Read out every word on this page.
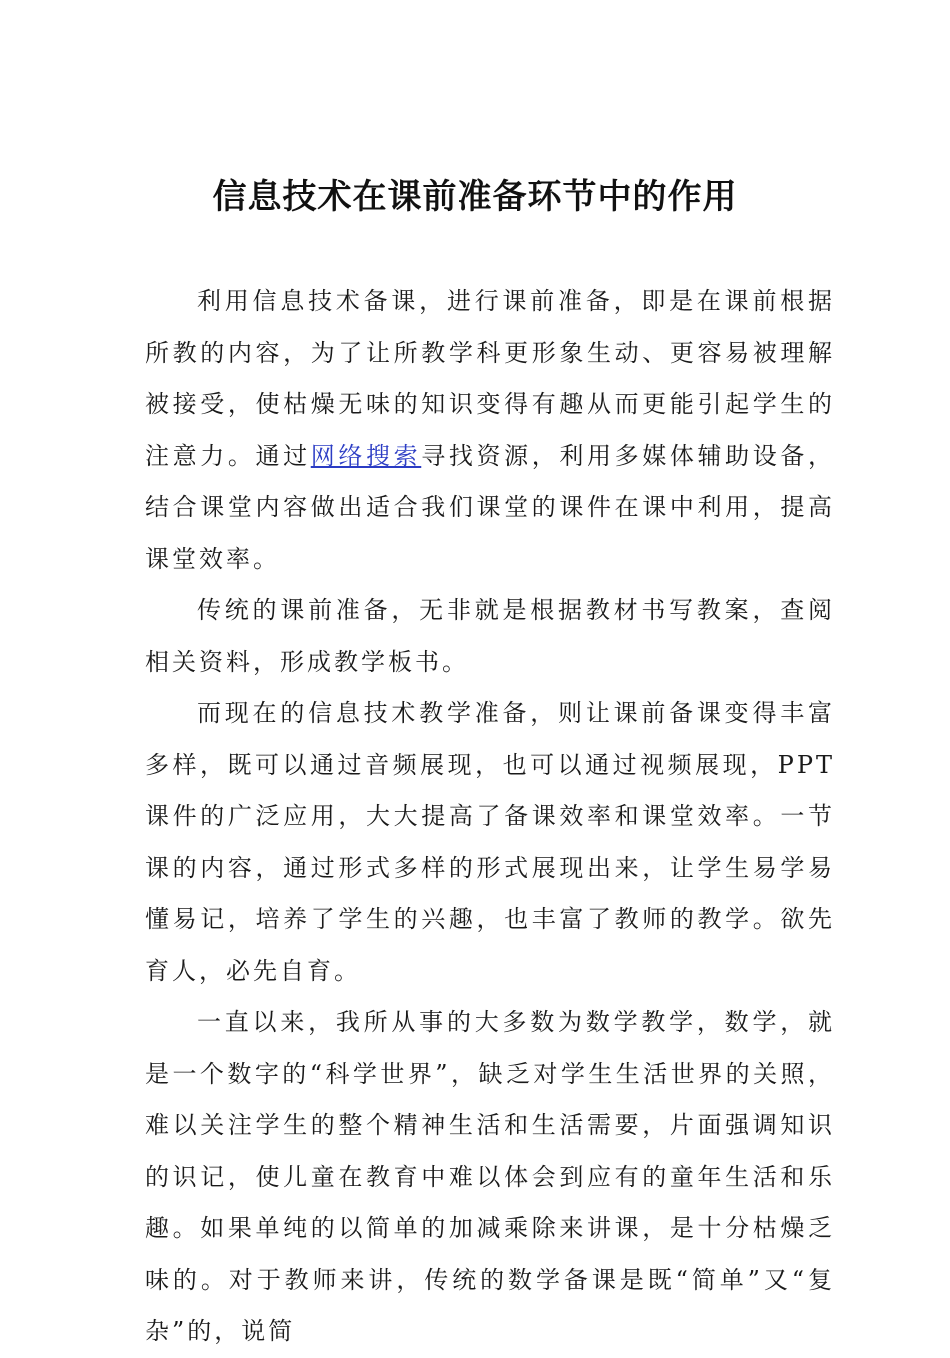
信息技术在课前准备环节中的作用

利用信息技术备课，进行课前准备，即是在课前根据所教的内容，为了让所教学科更形象生动、更容易被理解被接受，使枯燥无味的知识变得有趣从而更能引起学生的注意力。通过网络搜索寻找资源，利用多媒体辅助设备，结合课堂内容做出适合我们课堂的课件在课中利用，提高课堂效率。

传统的课前准备，无非就是根据教材书写教案，查阅相关资料，形成教学板书。

而现在的信息技术教学准备，则让课前备课变得丰富多样，既可以通过音频展现，也可以通过视频展现，PPT课件的广泛应用，大大提高了备课效率和课堂效率。一节课的内容，通过形式多样的形式展现出来，让学生易学易懂易记，培养了学生的兴趣，也丰富了教师的教学。欲先育人，必先自育。

一直以来，我所从事的大多数为数学教学，数学，就是一个数字的“科学世界”，缺乏对学生生活世界的关照，难以关注学生的整个精神生活和生活需要，片面强调知识的识记，使儿童在教育中难以体会到应有的童年生活和乐趣。如果单纯的以简单的加减乘除来讲课，是十分枯燥乏味的。对于教师来讲，传统的数学备课是既“简单”又“复杂”的，说简
